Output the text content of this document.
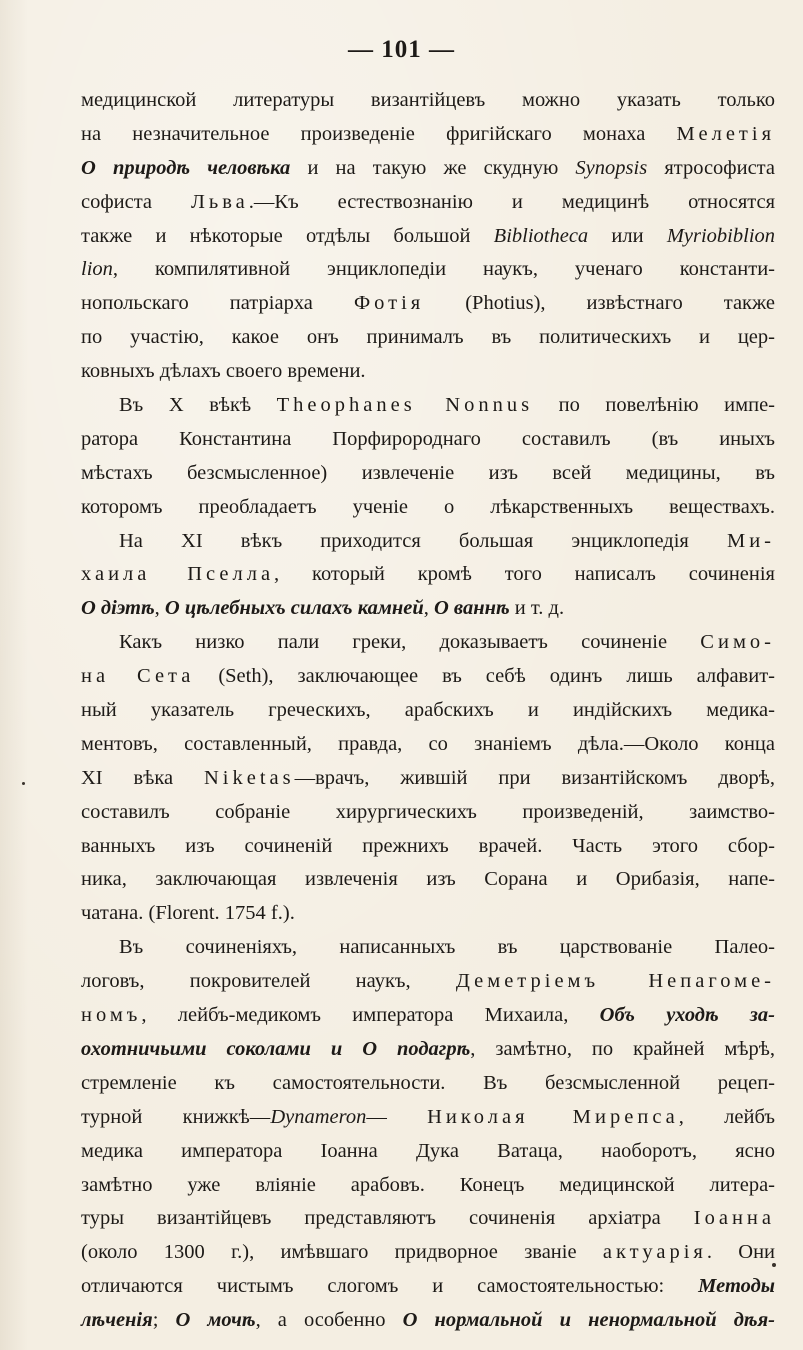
— 101 —
медицинской литературы византійцевъ можно указать только
на незначительное произведеніе фригійскаго монаха Мелетія
О природѣ человѣка и на такую же скудную Synopsis ятрософиста
софиста Льва.—Къ естествознанію и медицинѣ относятся
также и нѣкоторые отдѣлы большой Bibliotheca или Myriobiblion
lion, компилятивной энциклопедіи наукъ, ученаго константи-
нопольскаго патріарха Фотія (Photius), извѣстнаго также
по участію, какое онъ принималъ въ политическихъ и цер-
ковныхъ дѣлахъ своего времени.
Въ X вѣкѣ Theophanes Nonnus по повелѣнію импе-
ратора Константина Порфиророднаго составилъ (въ иныхъ
мѣстахъ безсмысленное) извлеченіе изъ всей медицины, въ
которомъ преобладаетъ ученіе о лѣкарственныхъ веществахъ.
На XI вѣкъ приходится большая энциклопедія Ми-
хаила Пселла, который кромѣ того написалъ сочиненія
О діэтѣ, О цѣлебныхъ силахъ камней, О ваннѣ и т. д.
Какъ низко пали греки, доказываетъ сочиненіе Симо-
на Сета (Seth), заключающее въ себѣ одинъ лишь алфавит-
ный указатель греческихъ, арабскихъ и индійскихъ медика-
ментовъ, составленный, правда, со знаніемъ дѣла.—Около конца
XI вѣка Niketas—врачъ, жившій при византійскомъ дворѣ,
составилъ собраніе хирургическихъ произведеній, заимство-
ванныхъ изъ сочиненій прежнихъ врачей. Часть этого сбор-
ника, заключающая извлеченія изъ Сорана и Орибазія, напе-
чатана. (Florent. 1754 f.).
Въ сочиненіяхъ, написанныхъ въ царствованіе Палео-
логовъ, покровителей наукъ, Деметріемъ Непагоме-
номъ, лейбъ-медикомъ императора Михаила, Объ уходѣ за-
охотничьими соколами и О подагрѣ, замѣтно, по крайней мѣрѣ,
стремленіе къ самостоятельности. Въ безсмысленной рецеп-
турной книжкѣ—Dynameron— Николая Мирепса, лейбъ
медика императора Іоанна Дука Ватаца, наоборотъ, ясно
замѣтно уже вліяніе арабовъ. Конецъ медицинской литера-
туры византійцевъ представляютъ сочиненія архіатра Іоанна
(около 1300 г.), имѣвшаго придворное званіе актуарія. Они
отличаются чистымъ слогомъ и самостоятельностью: Методы
лѣченія; О мочѣ, а особенно О нормальной и ненормальной дѣя-
